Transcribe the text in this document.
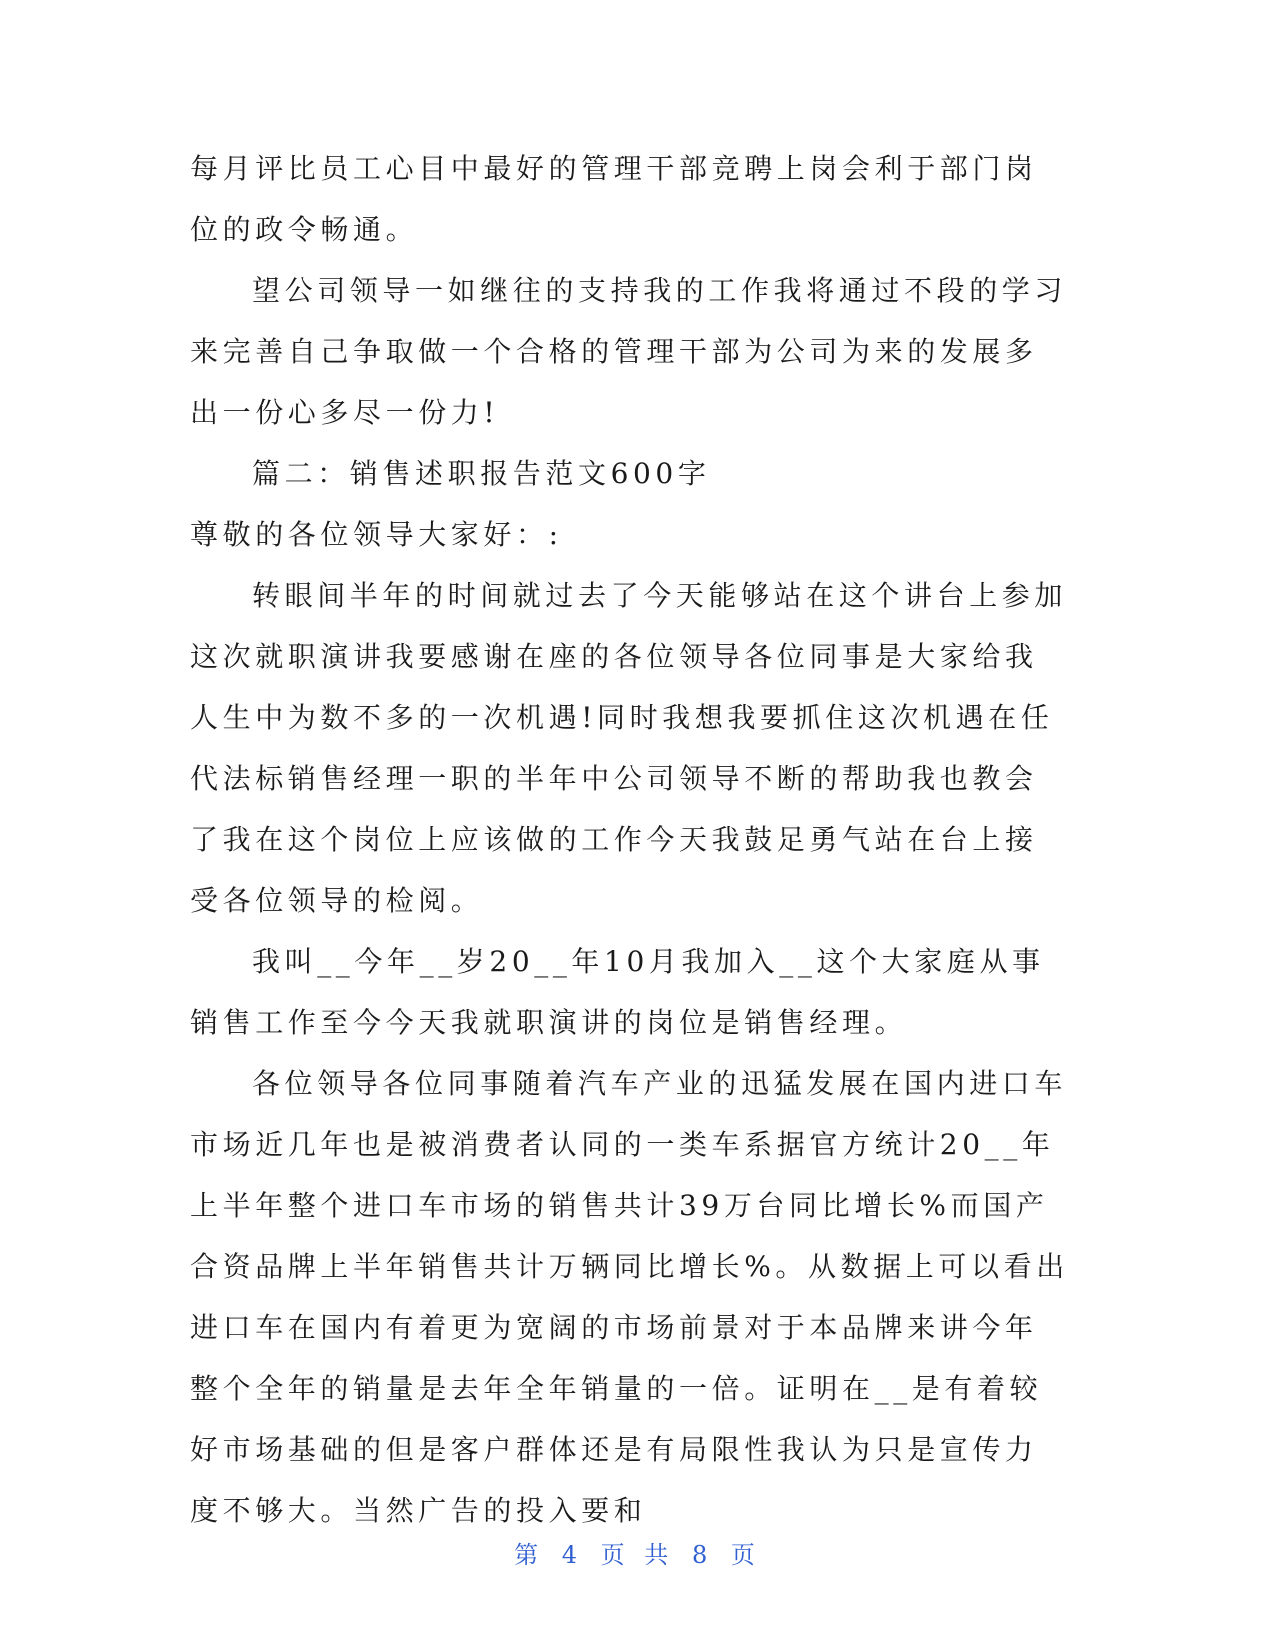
每月评比员工心目中最好的管理干部竞聘上岗会利于部门岗位的政令畅通。

望公司领导一如继往的支持我的工作我将通过不段的学习来完善自己争取做一个合格的管理干部为公司为来的发展多出一份心多尽一份力!

篇二：销售述职报告范文600字

尊敬的各位领导大家好：:

转眼间半年的时间就过去了今天能够站在这个讲台上参加这次就职演讲我要感谢在座的各位领导各位同事是大家给我人生中为数不多的一次机遇!同时我想我要抓住这次机遇在任代法标销售经理一职的半年中公司领导不断的帮助我也教会了我在这个岗位上应该做的工作今天我鼓足勇气站在台上接受各位领导的检阅。

我叫__今年__岁20__年10月我加入__这个大家庭从事销售工作至今今天我就职演讲的岗位是销售经理。

各位领导各位同事随着汽车产业的迅猛发展在国内进口车市场近几年也是被消费者认同的一类车系据官方统计20__年上半年整个进口车市场的销售共计39万台同比增长%而国产合资品牌上半年销售共计万辆同比增长%。从数据上可以看出进口车在国内有着更为宽阔的市场前景对于本品牌来讲今年整个全年的销量是去年全年销量的一倍。证明在__是有着较好市场基础的但是客户群体还是有局限性我认为只是宣传力度不够大。当然广告的投入要和

第 4 页 共 8 页
